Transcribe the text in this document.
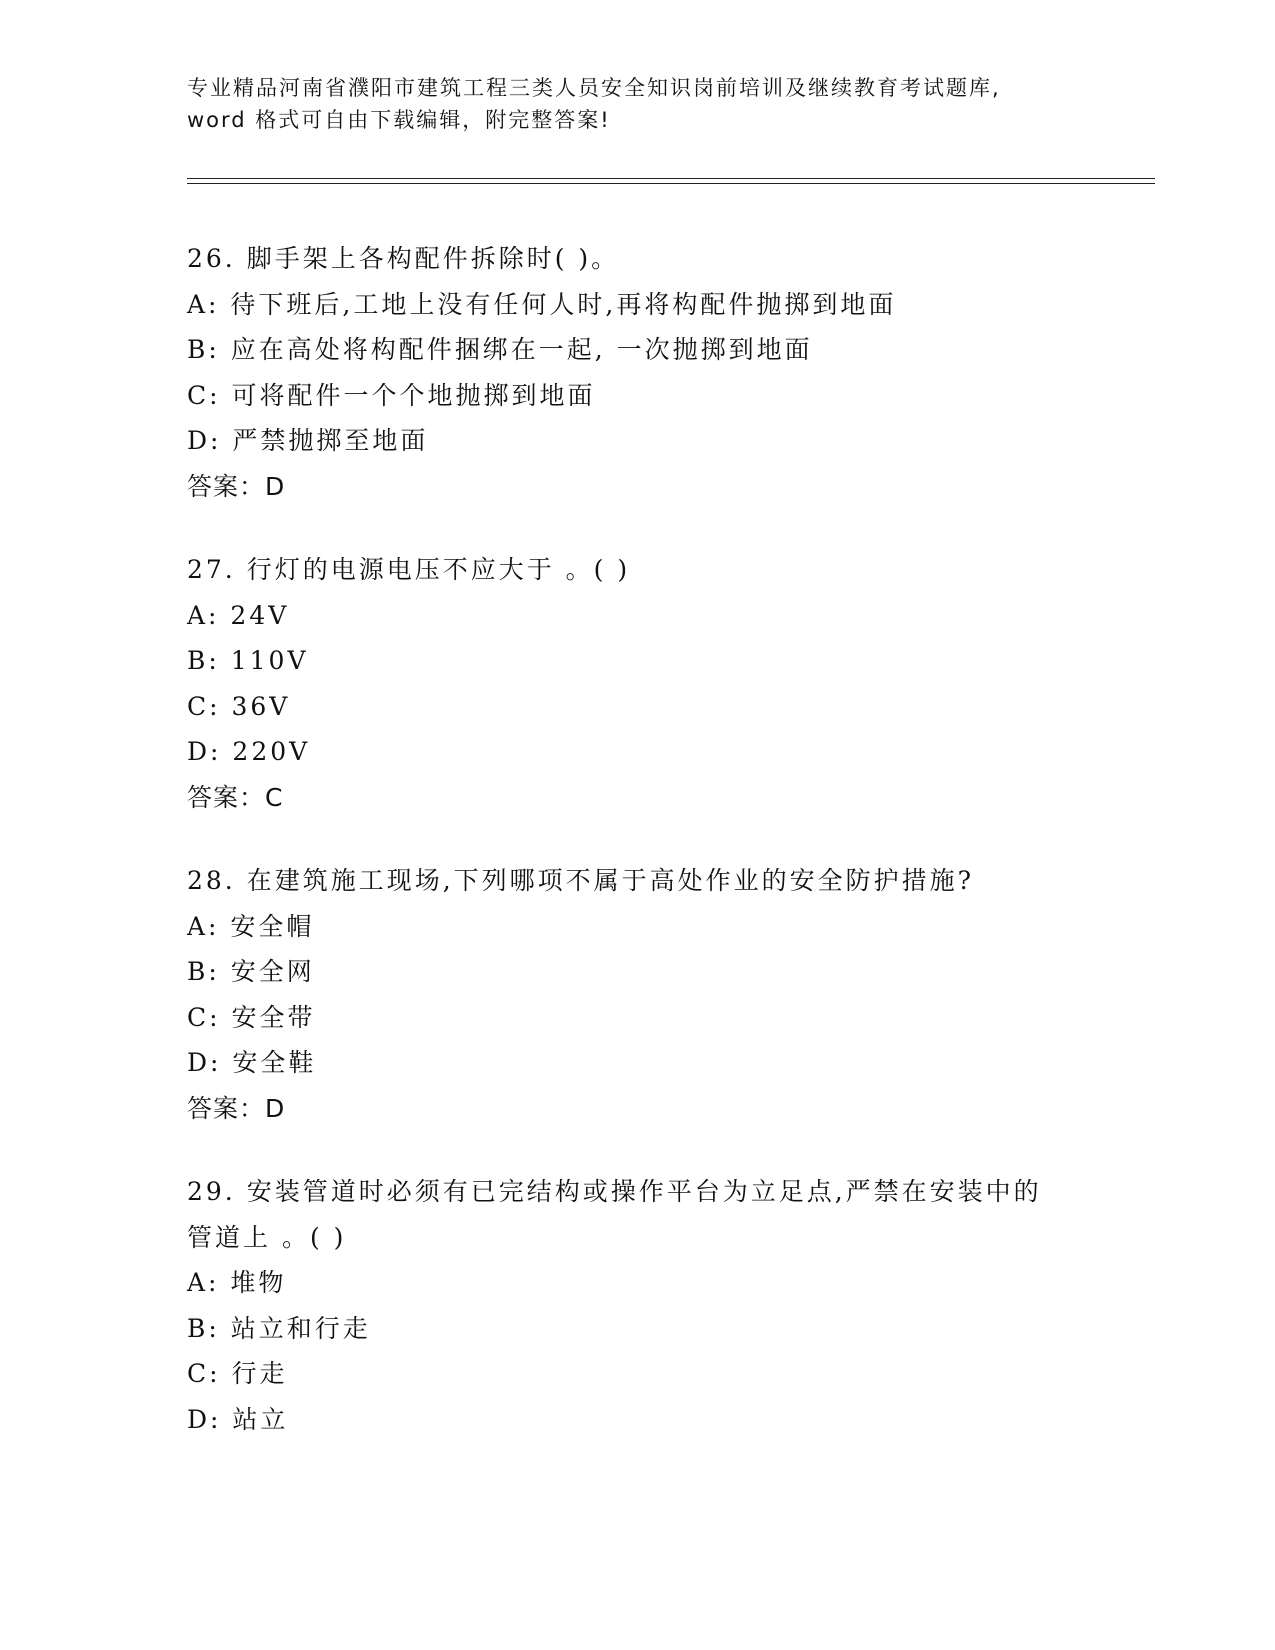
专业精品河南省濮阳市建筑工程三类人员安全知识岗前培训及继续教育考试题库,
word 格式可自由下载编辑，附完整答案!

26. 脚手架上各构配件拆除时( )。

A: 待下班后,工地上没有任何人时,再将构配件抛掷到地面

B: 应在高处将构配件捆绑在一起, 一次抛掷到地面

C: 可将配件一个个地抛掷到地面

D: 严禁抛掷至地面

答案：D

27. 行灯的电源电压不应大于 。( )

A: 24V

B: 110V

C: 36V

D: 220V

答案：C

28. 在建筑施工现场,下列哪项不属于高处作业的安全防护措施?

A: 安全帽

B: 安全网

C: 安全带

D: 安全鞋

答案：D

29. 安装管道时必须有已完结构或操作平台为立足点,严禁在安装中的

管道上 。( )

A: 堆物

B: 站立和行走

C: 行走

D: 站立
